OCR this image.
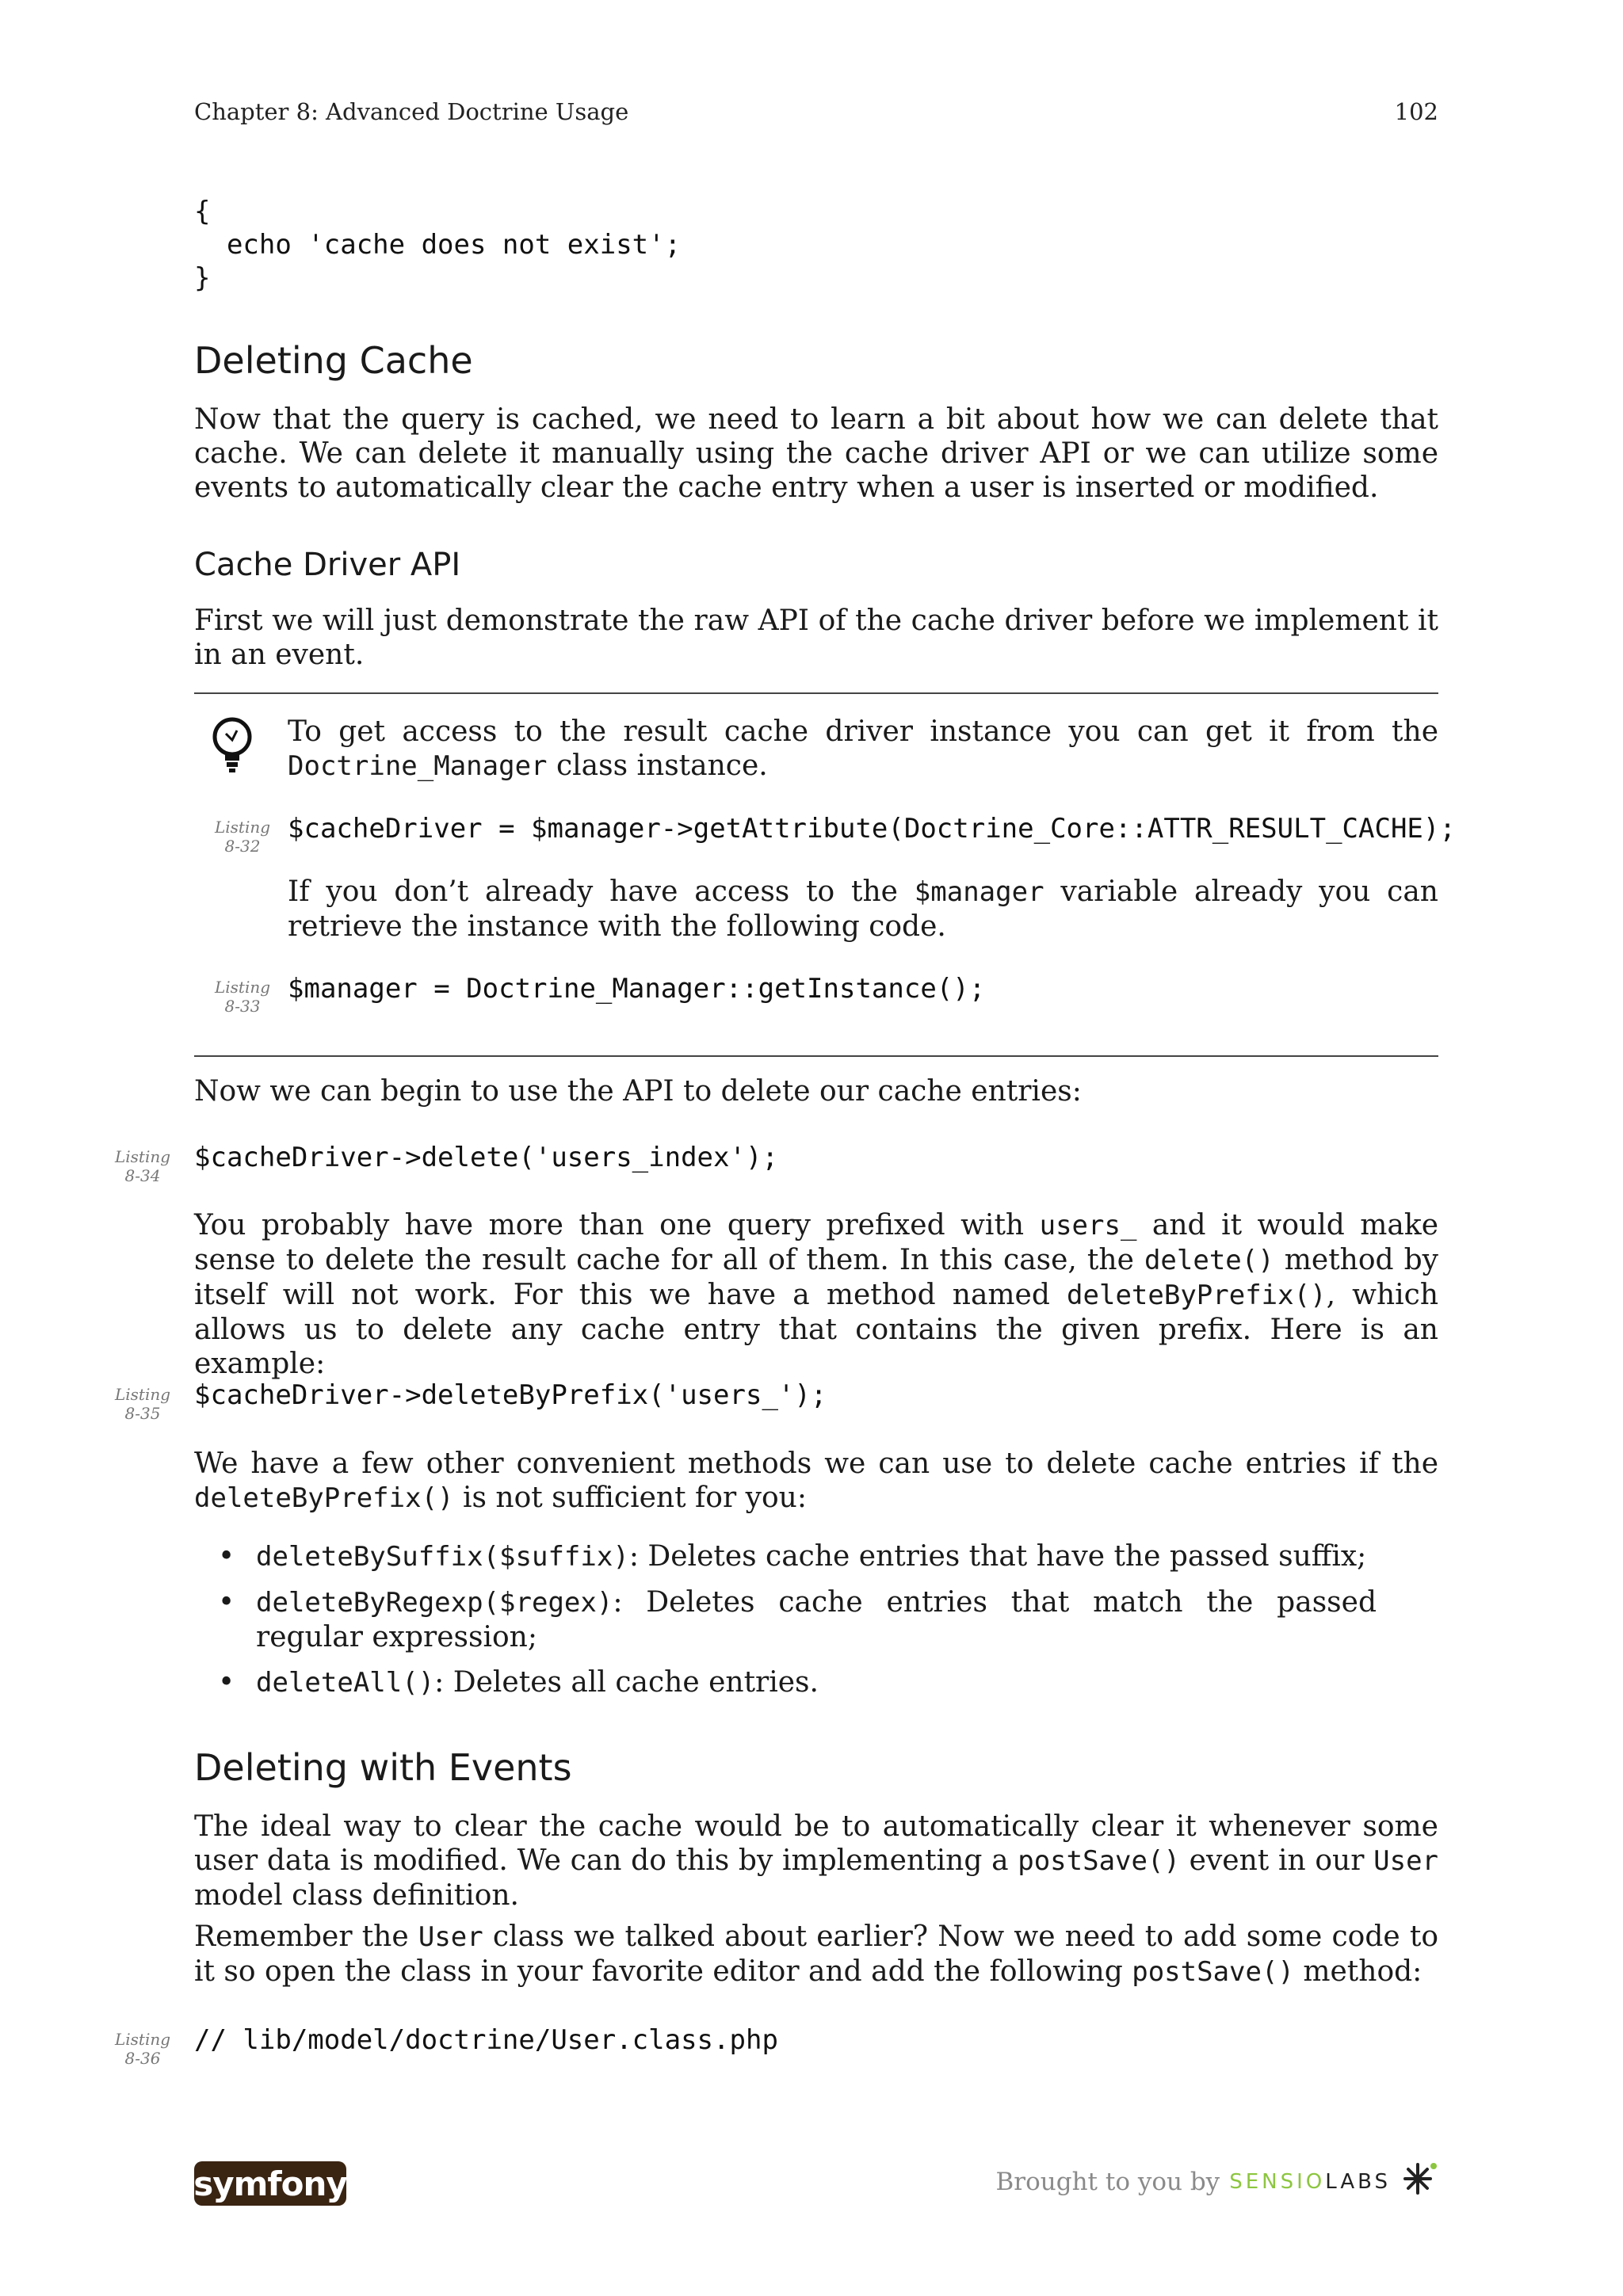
Chapter 8: Advanced Doctrine Usage	102
{
echo 'cache does not exist';
}
Deleting Cache

Now that the query is cached, we need to learn a bit about how we can delete that cache. We can delete it manually using the cache driver API or we can utilize some events to automatically clear the cache entry when a user is inserted or modified.

Cache Driver API

First we will just demonstrate the raw API of the cache driver before we implement it in an event.

To get access to the result cache driver instance you can get it from the Doctrine_Manager class instance.

Listing
8-32
$cacheDriver = $manager->getAttribute(Doctrine_Core::ATTR_RESULT_CACHE);

If you don’t already have access to the $manager variable already you can retrieve the instance with the following code.

Listing
8-33
$manager = Doctrine_Manager::getInstance();

Now we can begin to use the API to delete our cache entries:

Listing
8-34
$cacheDriver->delete('users_index');

You probably have more than one query prefixed with users_ and it would make sense to delete the result cache for all of them. In this case, the delete() method by itself will not work. For this we have a method named deleteByPrefix(), which allows us to delete any cache entry that contains the given prefix. Here is an example:

Listing
8-35
$cacheDriver->deleteByPrefix('users_');

We have a few other convenient methods we can use to delete cache entries if the deleteByPrefix() is not sufficient for you:

• deleteBySuffix($suffix): Deletes cache entries that have the passed suffix;
• deleteByRegexp($regex): Deletes cache entries that match the passed regular expression;
• deleteAll(): Deletes all cache entries.
Deleting with Events

The ideal way to clear the cache would be to automatically clear it whenever some user data is modified. We can do this by implementing a postSave() event in our User model class definition.

Remember the User class we talked about earlier? Now we need to add some code to it so open the class in your favorite editor and add the following postSave() method:

Listing
8-36
// lib/model/doctrine/User.class.php
symfony	Brought to you by SENSIOLABS
